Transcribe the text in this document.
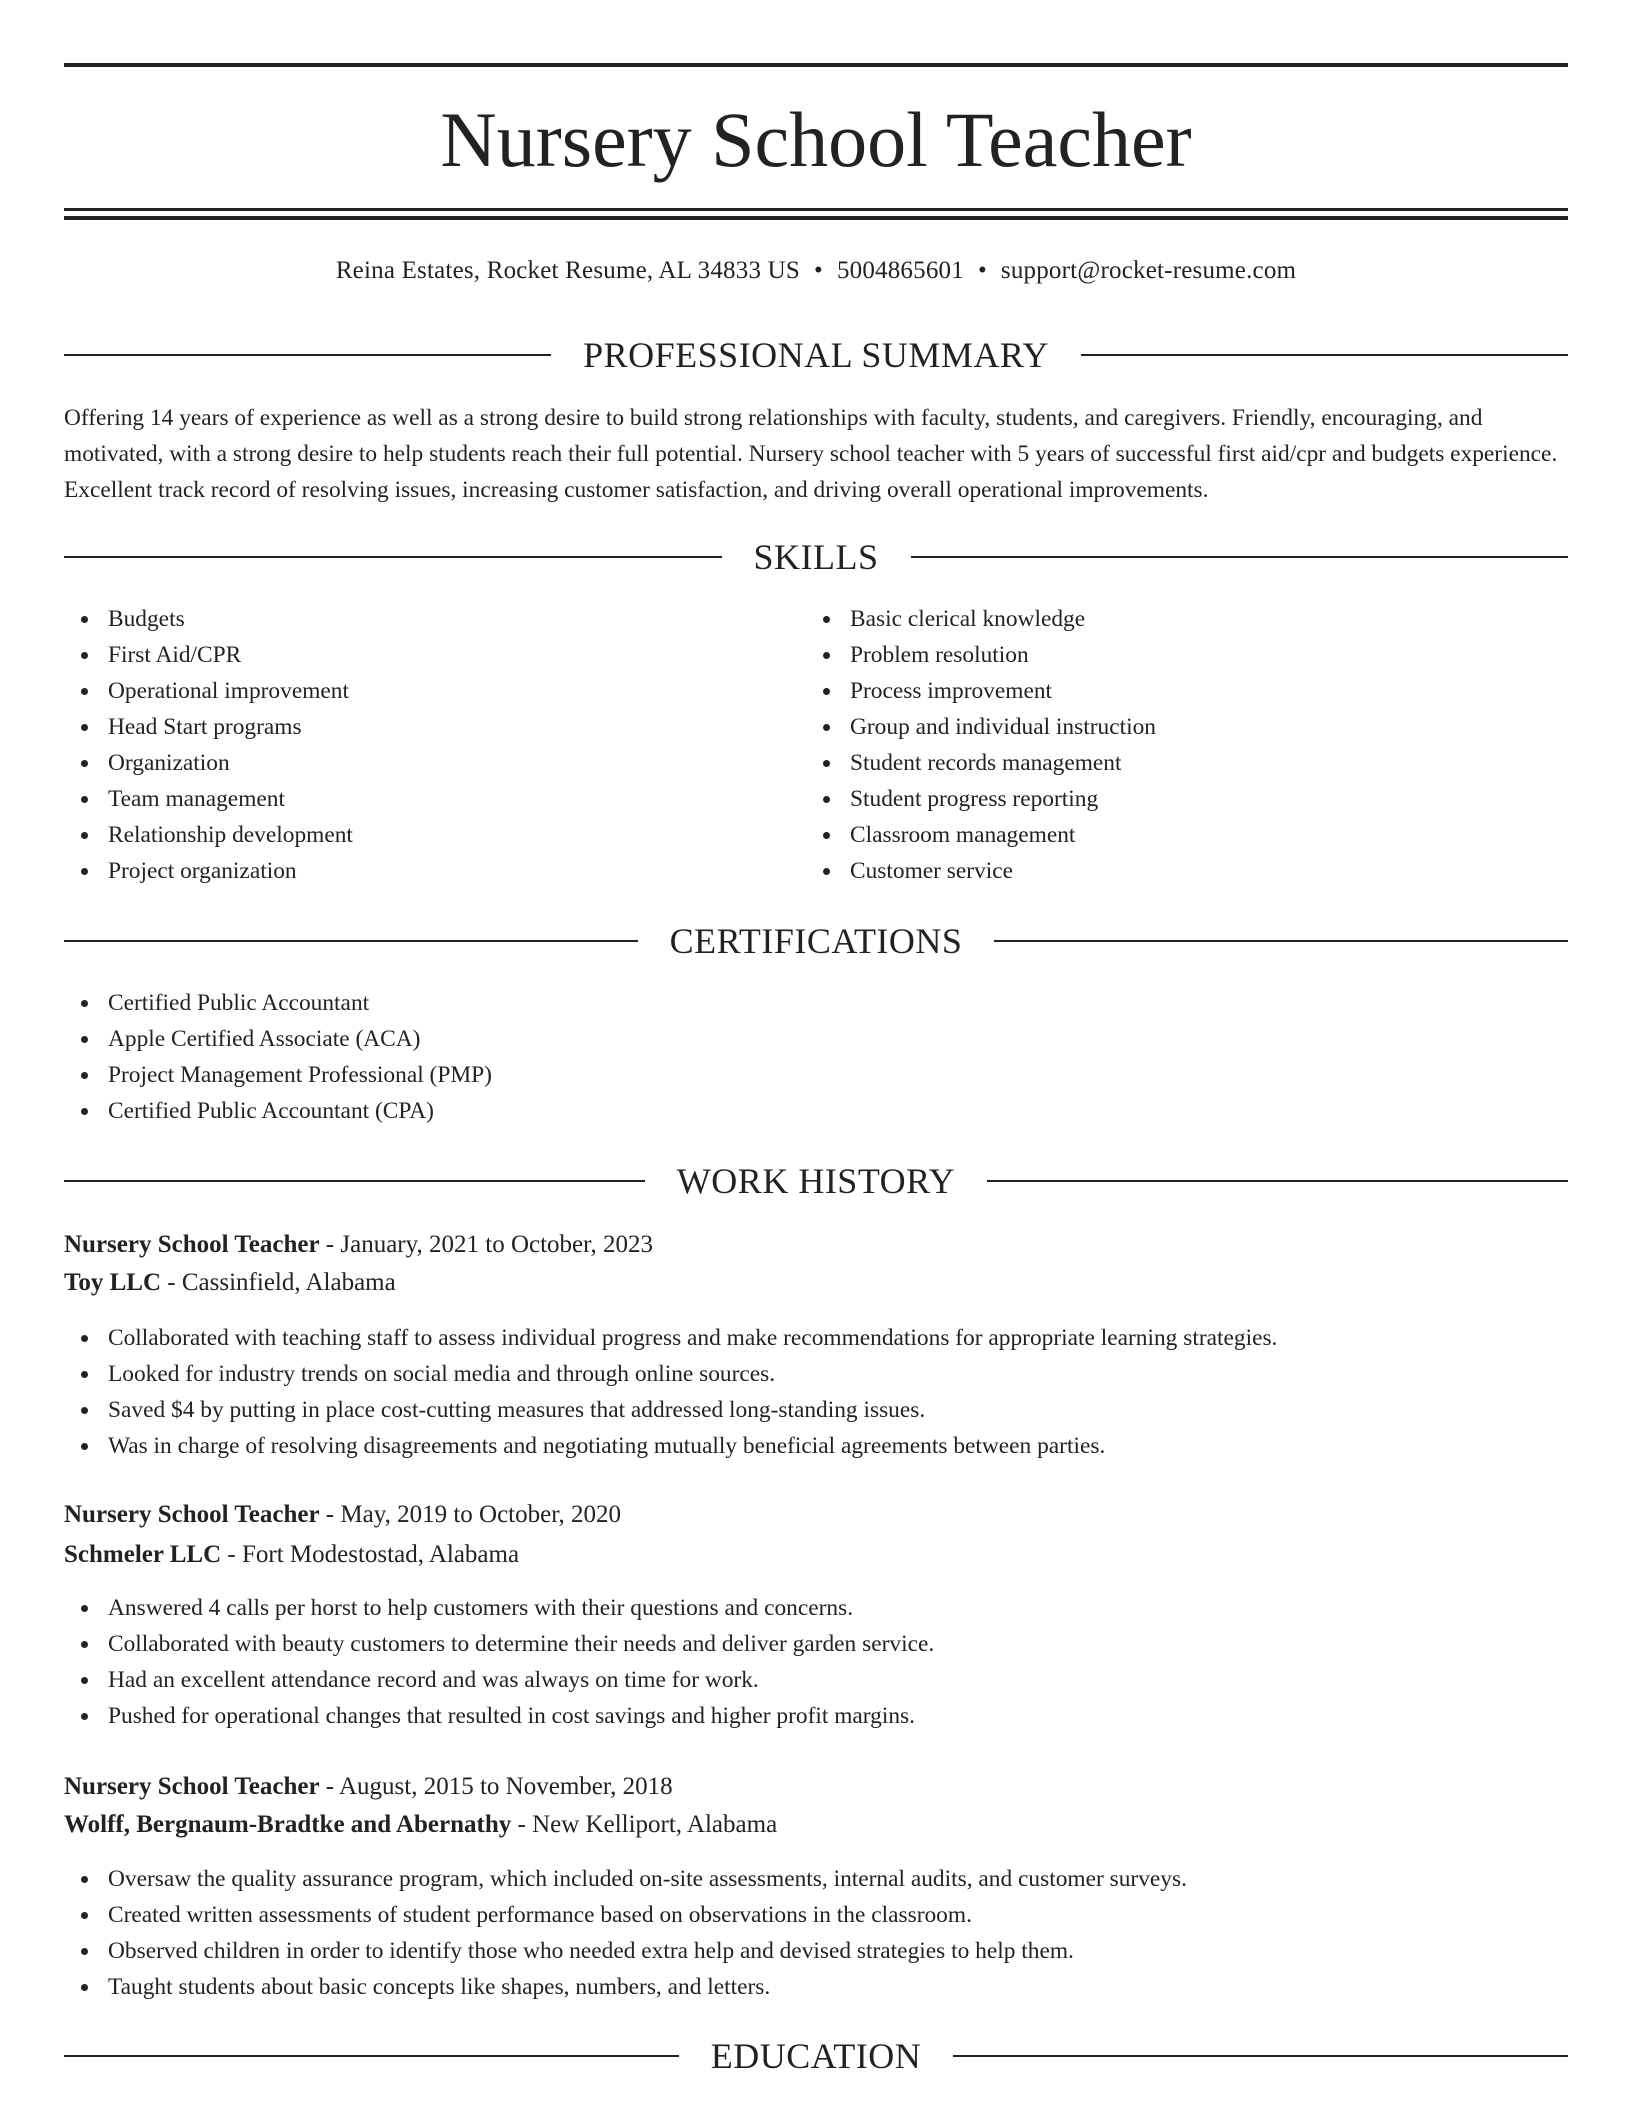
Nursery School Teacher
Reina Estates, Rocket Resume, AL 34833 US • 5004865601 • support@rocket-resume.com
PROFESSIONAL SUMMARY

Offering 14 years of experience as well as a strong desire to build strong relationships with faculty, students, and caregivers. Friendly, encouraging, and motivated, with a strong desire to help students reach their full potential. Nursery school teacher with 5 years of successful first aid/cpr and budgets experience. Excellent track record of resolving issues, increasing customer satisfaction, and driving overall operational improvements.

SKILLS
Budgets
First Aid/CPR
Operational improvement
Head Start programs
Organization
Team management
Relationship development
Project organization
Basic clerical knowledge
Problem resolution
Process improvement
Group and individual instruction
Student records management
Student progress reporting
Classroom management
Customer service
CERTIFICATIONS
Certified Public Accountant
Apple Certified Associate (ACA)
Project Management Professional (PMP)
Certified Public Accountant (CPA)
WORK HISTORY
Nursery School Teacher - January, 2021 to October, 2023
Toy LLC - Cassinfield, Alabama
Collaborated with teaching staff to assess individual progress and make recommendations for appropriate learning strategies.
Looked for industry trends on social media and through online sources.
Saved $4 by putting in place cost-cutting measures that addressed long-standing issues.
Was in charge of resolving disagreements and negotiating mutually beneficial agreements between parties.
Nursery School Teacher - May, 2019 to October, 2020
Schmeler LLC - Fort Modestostad, Alabama
Answered 4 calls per horst to help customers with their questions and concerns.
Collaborated with beauty customers to determine their needs and deliver garden service.
Had an excellent attendance record and was always on time for work.
Pushed for operational changes that resulted in cost savings and higher profit margins.
Nursery School Teacher - August, 2015 to November, 2018
Wolff, Bergnaum-Bradtke and Abernathy - New Kelliport, Alabama
Oversaw the quality assurance program, which included on-site assessments, internal audits, and customer surveys.
Created written assessments of student performance based on observations in the classroom.
Observed children in order to identify those who needed extra help and devised strategies to help them.
Taught students about basic concepts like shapes, numbers, and letters.
EDUCATION
